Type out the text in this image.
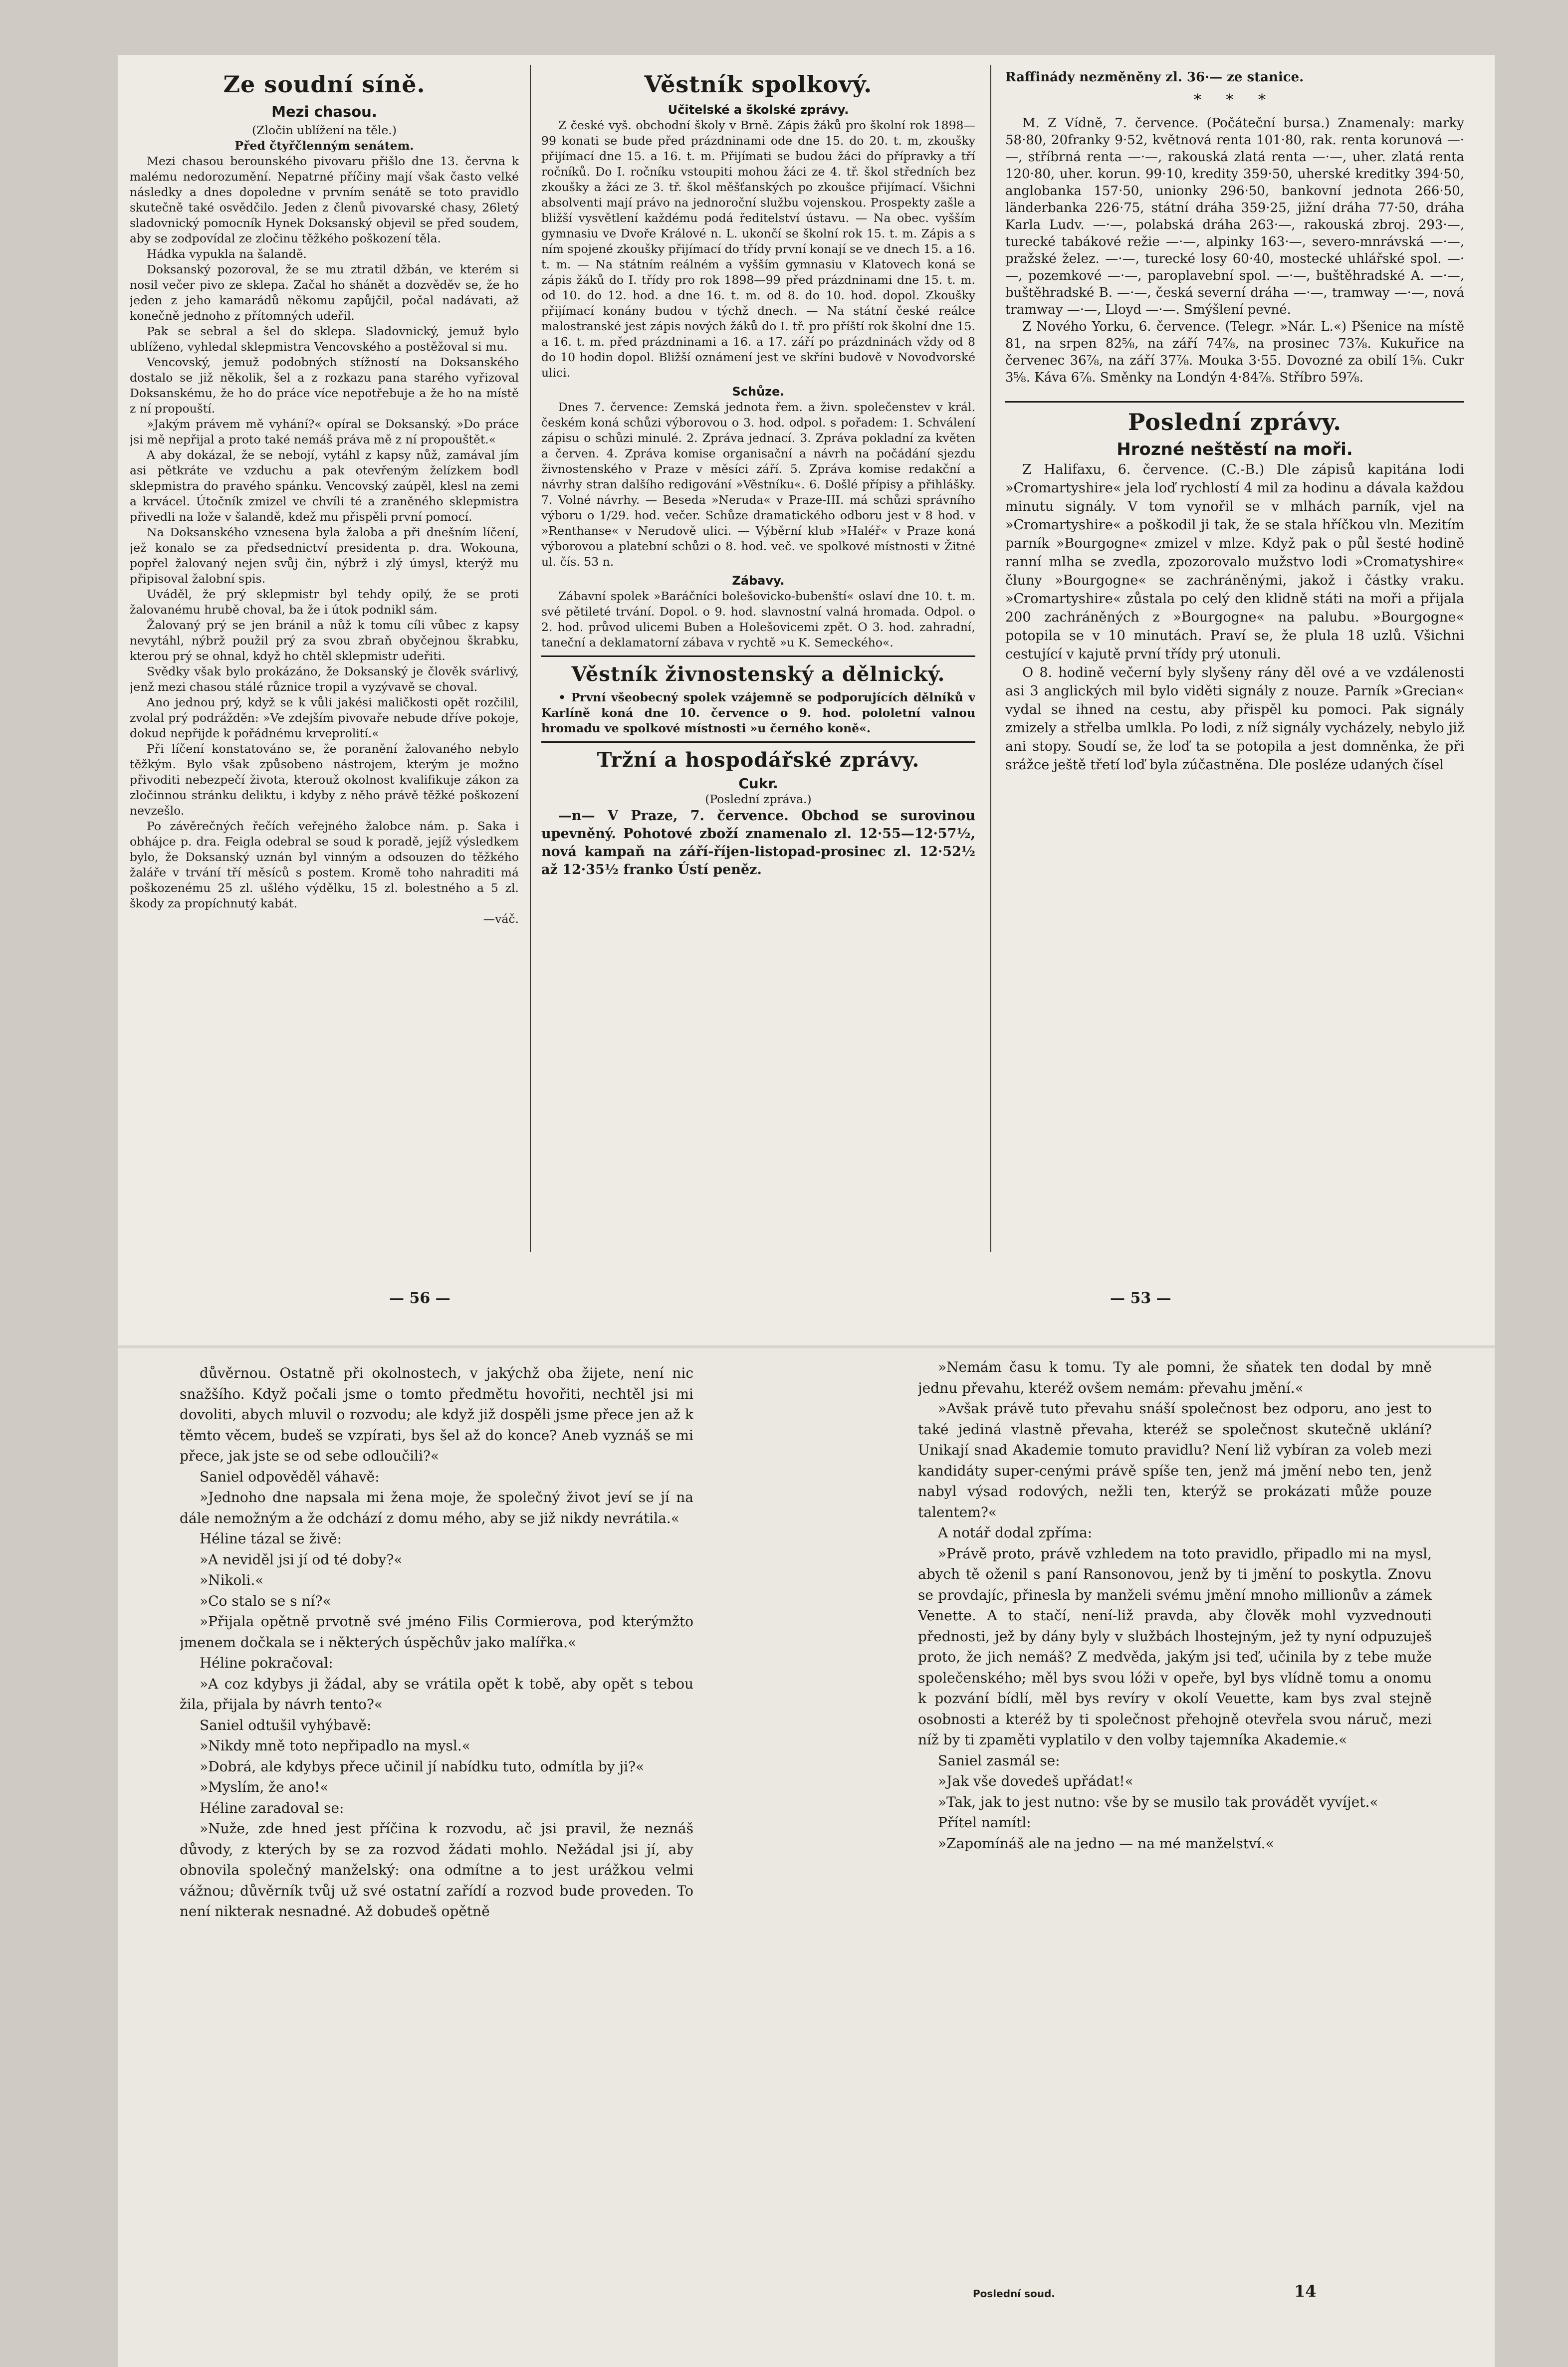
Ze soudní síně.
Mezi chasou.

(Zločin ublížení na těle.)

Před čtyřčlenným senátem.

Mezi chasou berounského pivovaru přišlo dne 13. června k malému nedorozumění. Nepatrné příčiny mají však často velké následky a dnes dopoledne v prvním senátě se toto pravidlo skutečně také osvědčilo. Jeden z členů pivovarské chasy, 26letý sladovnický pomocník Hynek Doksanský objevil se před soudem, aby se zodpovídal ze zločinu těžkého poškození těla.

Hádka vypukla na šalandě.

Doksanský pozoroval, že se mu ztratil džbán, ve kterém si nosil večer pivo ze sklepa. Začal ho shánět a dozvěděv se, že ho jeden z jeho kamarádů někomu zapůjčil, počal nadávati, až konečně jednoho z přítomných udeřil.

Pak se sebral a šel do sklepa. Sladovnický, jemuž bylo ublíženo, vyhledal sklepmistra Vencovského a postěžoval si mu.

Vencovský, jemuž podobných stížností na Doksanského dostalo se již několik, šel a z rozkazu pana starého vyřizoval Doksanskému, že ho do práce více nepotřebuje a že ho na místě z ní propouští.

»Jakým právem mě vyhání?« opíral se Doksanský. »Do práce jsi mě nepřijal a proto také nemáš práva mě z ní propouštět.«

A aby dokázal, že se nebojí, vytáhl z kapsy nůž, zamával jím asi pětkráte ve vzduchu a pak otevřeným želízkem bodl sklepmistra do pravého spánku. Vencovský zaúpěl, klesl na zemi a krvácel. Útočník zmizel ve chvíli té a zraněného sklepmistra přivedli na lože v šalandě, kdež mu přispěli první pomocí.

Na Doksanského vznesena byla žaloba a při dnešním líčení, jež konalo se za předsednictví presidenta p. dra. Wokouna, popřel žalovaný nejen svůj čin, nýbrž i zlý úmysl, kterýž mu připisoval žalobní spis.

Uváděl, že prý sklepmistr byl tehdy opilý, že se proti žalovanému hrubě choval, ba že i útok podnikl sám.

Žalovaný prý se jen bránil a nůž k tomu cíli vůbec z kapsy nevytáhl, nýbrž použil prý za svou zbraň obyčejnou škrabku, kterou prý se ohnal, když ho chtěl sklepmistr udeřiti.

Svědky však bylo prokázáno, že Doksanský je člověk svárlivý, jenž mezi chasou stálé různice tropil a vyzývavě se choval.

Ano jednou prý, když se k vůli jakési maličkosti opět rozčilil, zvolal prý podrážděn: »Ve zdejším pivovaře nebude dříve pokoje, dokud nepřijde k pořádnému krveprolití.«

Při líčení konstatováno se, že poranění žalovaného nebylo těžkým. Bylo však způsobeno nástrojem, kterým je možno přivoditi nebezpečí života, kterouž okolnost kvalifikuje zákon za zločinnou stránku deliktu, i kdyby z něho právě těžké poškození nevzešlo.

Po závěrečných řečích veřejného žalobce nám. p. Saka i obhájce p. dra. Feigla odebral se soud k poradě, jejíž výsledkem bylo, že Doksanský uznán byl vinným a odsouzen do těžkého žaláře v trvání tří měsíců s postem. Kromě toho nahraditi má poškozenému 25 zl. ušlého výdělku, 15 zl. bolestného a 5 zl. škody za propíchnutý kabát.

—váč.

Věstník spolkový.
Učitelské a školské zprávy.

Z české vyš. obchodní školy v Brně. Zápis žáků pro školní rok 1898—99 konati se bude před prázdninami ode dne 15. do 20. t. m, zkoušky přijímací dne 15. a 16. t. m. Přijímati se budou žáci do přípravky a tří ročníků. Do I. ročníku vstoupiti mohou žáci ze 4. tř. škol středních bez zkoušky a žáci ze 3. tř. škol měšťanských po zkoušce přijímací. Všichni absolventi mají právo na jednoroční službu vojenskou. Prospekty zašle a bližší vysvětlení každému podá ředitelství ústavu. — Na obec. vyšším gymnasiu ve Dvoře Králové n. L. ukončí se školní rok 15. t. m. Zápis a s ním spojené zkoušky přijímací do třídy první konají se ve dnech 15. a 16. t. m. — Na státním reálném a vyšším gymnasiu v Klatovech koná se zápis žáků do I. třídy pro rok 1898—99 před prázdninami dne 15. t. m. od 10. do 12. hod. a dne 16. t. m. od 8. do 10. hod. dopol. Zkoušky přijímací konány budou v týchž dnech. — Na státní české reálce malostranské jest zápis nových žáků do I. tř. pro příští rok školní dne 15. a 16. t. m. před prázdninami a 16. a 17. září po prázdninách vždy od 8 do 10 hodin dopol. Bližší oznámení jest ve skříni budově v Novodvorské ulici.

Schůze.

Dnes 7. července: Zemská jednota řem. a živn. společenstev v král. českém koná schůzi výborovou o 3. hod. odpol. s pořadem: 1. Schválení zápisu o schůzi minulé. 2. Zpráva jednací. 3. Zpráva pokladní za květen a červen. 4. Zpráva komise organisační a návrh na počádání sjezdu živnostenského v Praze v měsíci září. 5. Zpráva komise redakční a návrhy stran dalšího redigování »Věstníku«. 6. Došlé přípisy a přihlášky. 7. Volné návrhy. — Beseda »Neruda« v Praze-III. má schůzi správního výboru o 1/29. hod. večer. Schůze dramatického odboru jest v 8 hod. v »Renthanse« v Nerudově ulici. — Výběrní klub »Haléř« v Praze koná výborovou a platební schůzi o 8. hod. več. ve spolkové místnosti v Žitné ul. čís. 53 n.

Zábavy.

Zábavní spolek »Baráčníci bolešovicko-bubenští« oslaví dne 10. t. m. své pětileté trvání. Dopol. o 9. hod. slavnostní valná hromada. Odpol. o 2. hod. průvod ulicemi Buben a Holešovicemi zpět. O 3. hod. zahradní, taneční a deklamatorní zábava v rychtě »u K. Semeckého«.

Věstník živnostenský a dělnický.

• První všeobecný spolek vzájemně se podporujících dělníků v Karlíně koná dne 10. července o 9. hod. pololetní valnou hromadu ve spolkové místnosti »u černého koně«.

Tržní a hospodářské zprávy.
Cukr.

(Poslední zpráva.)

—n— V Praze, 7. července. Obchod se surovinou upevněný. Pohotové zboží znamenalo zl. 12·55—12·57½, nová kampaň na září-říjen-listopad-prosinec zl. 12·52½ až 12·35½ franko Ústí peněz.

Raffinády nezměněny zl. 36·— ze stanice.

* * *

M. Z Vídně, 7. července. (Počáteční bursa.) Znamenaly: marky 58·80, 20franky 9·52, květnová renta 101·80, rak. renta korunová —·—, stříbrná renta —·—, rakouská zlatá renta —·—, uher. zlatá renta 120·80, uher. korun. 99·10, kredity 359·50, uherské kreditky 394·50, anglobanka 157·50, unionky 296·50, bankovní jednota 266·50, länderbanka 226·75, státní dráha 359·25, jižní dráha 77·50, dráha Karla Ludv. —·—, polabská dráha 263·—, rakouská zbroj. 293·—, turecké tabákové režie —·—, alpinky 163·—, severo-mnrávská —·—, pražské želez. —·—, turecké losy 60·40, mostecké uhlářské spol. —·—, pozemkové —·—, paroplavební spol. —·—, buštěhradské A. —·—, buštěhradské B. —·—, česká severní dráha —·—, tramway —·—, nová tramway —·—, Lloyd —·—. Smýšlení pevné.

Z Nového Yorku, 6. července. (Telegr. »Nár. L.«) Pšenice na místě 81, na srpen 82⅝, na září 74⅞, na prosinec 73⅞. Kukuřice na červenec 36⅞, na září 37⅞. Mouka 3·55. Dovozné za obilí 1⅝. Cukr 3⅝. Káva 6⅞. Směnky na Londýn 4·84⅞. Stříbro 59⅞.

Poslední zprávy.
Hrozné neštěstí na moři.

Z Halifaxu, 6. července. (C.-B.) Dle zápisů kapitána lodi »Cromartyshire« jela loď rychlostí 4 mil za hodinu a dávala každou minutu signály. V tom vynořil se v mlhách parník, vjel na »Cromartyshire« a poškodil ji tak, že se stala hříčkou vln. Mezitím parník »Bourgogne« zmizel v mlze. Když pak o půl šesté hodině ranní mlha se zvedla, zpozorovalo mužstvo lodi »Cromatyshire« čluny »Bourgogne« se zachráněnými, jakož i částky vraku. »Cromartyshire« zůstala po celý den klidně státi na moři a přijala 200 zachráněných z »Bourgogne« na palubu. »Bourgogne« potopila se v 10 minutách. Praví se, že plula 18 uzlů. Všichni cestující v kajutě první třídy prý utonuli.

O 8. hodině večerní byly slyšeny rány děl ové a ve vzdálenosti asi 3 anglických mil bylo viděti signály z nouze. Parník »Grecian« vydal se ihned na cestu, aby přispěl ku pomoci. Pak signály zmizely a střelba umlkla. Po lodi, z níž signály vycházely, nebylo již ani stopy. Soudí se, že loď ta se potopila a jest domněnka, že při srážce ještě třetí loď byla zúčastněna. Dle posléze udaných čísel

— 56 —	— 53 —

důvěrnou. Ostatně při okolnostech, v jakýchž oba žijete, není nic snažšího. Když počali jsme o tomto předmětu hovořiti, nechtěl jsi mi dovoliti, abych mluvil o rozvodu; ale když již dospěli jsme přece jen až k těmto věcem, budeš se vzpírati, bys šel až do konce? Aneb vyznáš se mi přece, jak jste se od sebe odloučili?«

Saniel odpověděl váhavě:

»Jednoho dne napsala mi žena moje, že společný život jeví se jí na dále nemožným a že odchází z domu mého, aby se již nikdy nevrátila.«

Héline tázal se živě:

»A neviděl jsi jí od té doby?«

»Nikoli.«

»Co stalo se s ní?«

»Přijala opětně prvotně své jméno Filis Cormierova, pod kterýmžto jmenem dočkala se i některých úspěchův jako malířka.«

Héline pokračoval:

»A coz kdybys ji žádal, aby se vrátila opět k tobě, aby opět s tebou žila, přijala by návrh tento?«

Saniel odtušil vyhýbavě:

»Nikdy mně toto nepřipadlo na mysl.«

»Dobrá, ale kdybys přece učinil jí nabídku tuto, odmítla by ji?«

»Myslím, že ano!«

Héline zaradoval se:

»Nuže, zde hned jest příčina k rozvodu, ač jsi pravil, že neznáš důvody, z kterých by se za rozvod žádati mohlo. Nežádal jsi jí, aby obnovila společný manželský: ona odmítne a to jest urážkou velmi vážnou; důvěrník tvůj už své ostatní zařídí a rozvod bude proveden. To není nikterak nesnadné. Až dobudeš opětně

»Nemám času k tomu. Ty ale pomni, že sňatek ten dodal by mně jednu převahu, kteréž ovšem nemám: převahu jmění.«

»Avšak právě tuto převahu snáší společnost bez odporu, ano jest to také jediná vlastně převaha, kteréž se společnost skutečně uklání? Unikají snad Akademie tomuto pravidlu? Není liž vybíran za voleb mezi kandidáty super-cenými právě spíše ten, jenž má jmění nebo ten, jenž nabyl výsad rodových, nežli ten, kterýž se prokázati může pouze talentem?«

A notář dodal zpříma:

»Právě proto, právě vzhledem na toto pravidlo, připadlo mi na mysl, abych tě oženil s paní Ransonovou, jenž by ti jmění to poskytla. Znovu se provdajíc, přinesla by manželi svému jmění mnoho millionův a zámek Venette. A to stačí, není-liž pravda, aby člověk mohl vyzvednouti přednosti, jež by dány byly v službách lhostejným, jež ty nyní odpuzuješ proto, že jich nemáš? Z medvěda, jakým jsi teď, učinila by z tebe muže společenského; měl bys svou lóži v opeře, byl bys vlídně tomu a onomu k pozvání bídlí, měl bys revíry v okolí Veuette, kam bys zval stejně osobnosti a kteréž by ti společnost přehojně otevřela svou náruč, mezi níž by ti zpaměti vyplatilo v den volby tajemníka Akademie.«

Saniel zasmál se:

»Jak vše dovedeš upřádat!«

»Tak, jak to jest nutno: vše by se musilo tak provádět vyvíjet.«

Přítel namítl:

»Zapomínáš ale na jedno — na mé manželství.«

Poslední soud.	14
